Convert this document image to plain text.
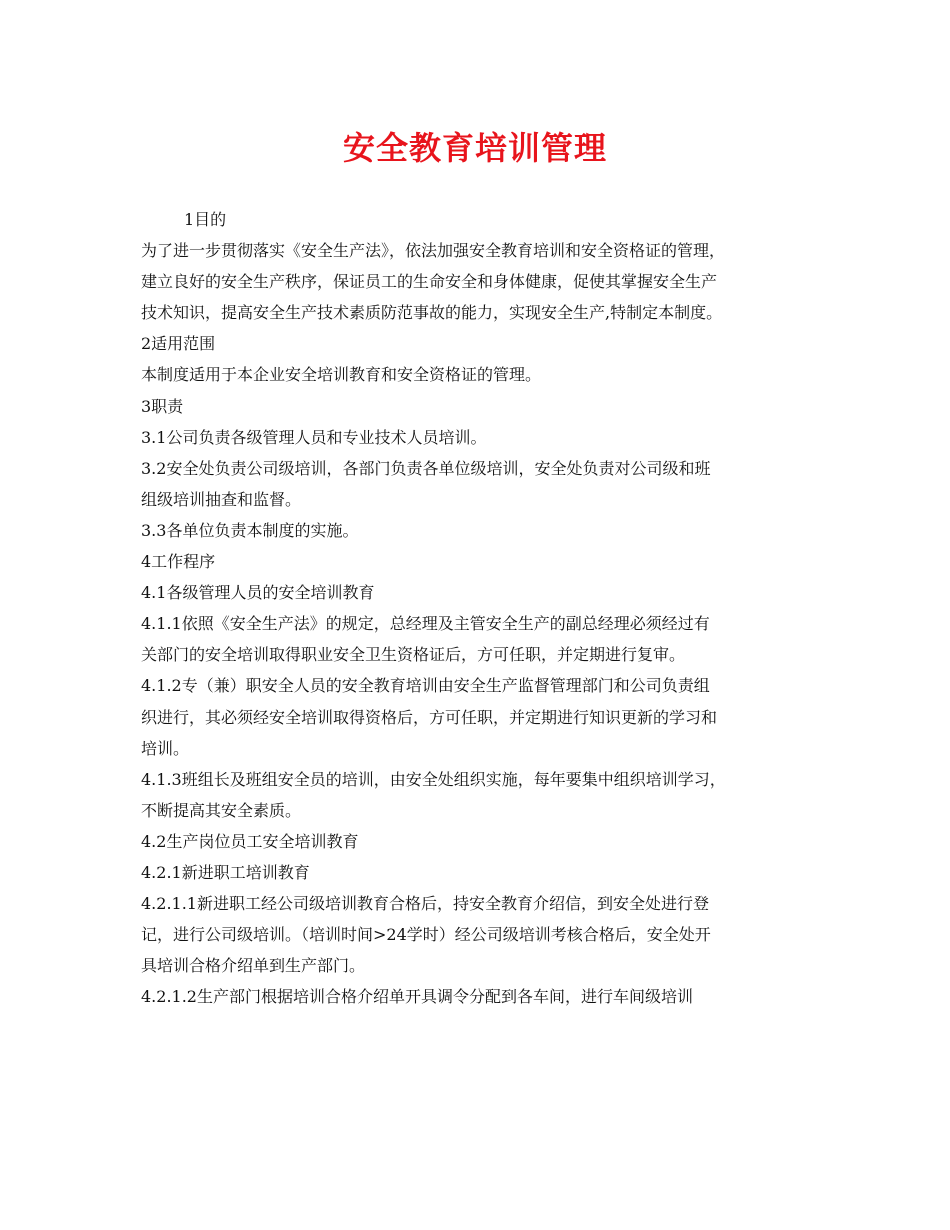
安全教育培训管理
1目的
为了进一步贯彻落实《安全生产法》，依法加强安全教育培训和安全资格证的管理，
建立良好的安全生产秩序，保证员工的生命安全和身体健康，促使其掌握安全生产
技术知识，提高安全生产技术素质防范事故的能力，实现安全生产,特制定本制度。
2适用范围
本制度适用于本企业安全培训教育和安全资格证的管理。
3职责
3.1公司负责各级管理人员和专业技术人员培训。
3.2安全处负责公司级培训，各部门负责各单位级培训，安全处负责对公司级和班
组级培训抽查和监督。
3.3各单位负责本制度的实施。
4工作程序
4.1各级管理人员的安全培训教育
4.1.1依照《安全生产法》的规定，总经理及主管安全生产的副总经理必须经过有
关部门的安全培训取得职业安全卫生资格证后，方可任职，并定期进行复审。
4.1.2专（兼）职安全人员的安全教育培训由安全生产监督管理部门和公司负责组
织进行，其必须经安全培训取得资格后，方可任职，并定期进行知识更新的学习和
培训。
4.1.3班组长及班组安全员的培训，由安全处组织实施，每年要集中组织培训学习，
不断提高其安全素质。
4.2生产岗位员工安全培训教育
4.2.1新进职工培训教育
4.2.1.1新进职工经公司级培训教育合格后，持安全教育介绍信，到安全处进行登
记，进行公司级培训。（培训时间>24学时）经公司级培训考核合格后，安全处开
具培训合格介绍单到生产部门。
4.2.1.2生产部门根据培训合格介绍单开具调令分配到各车间，进行车间级培训
